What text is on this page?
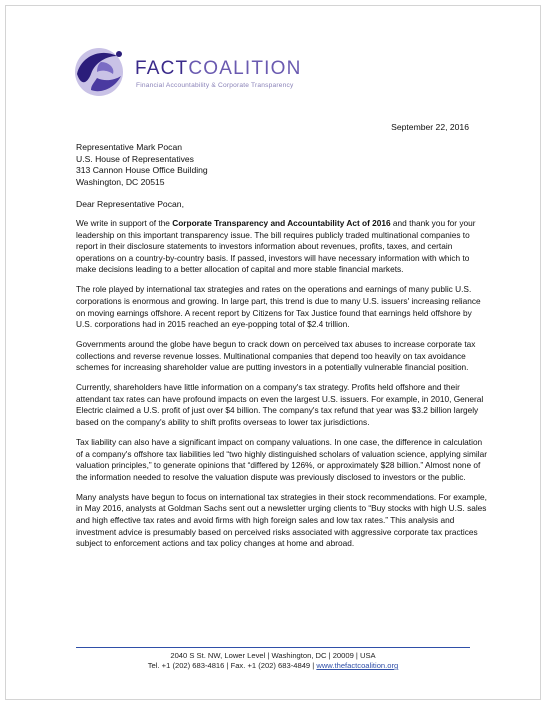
FACTCOALITION
Financial Accountability & Corporate Transparency
September 22, 2016
Representative Mark Pocan
U.S. House of Representatives
313 Cannon House Office Building
Washington, DC 20515
Dear Representative Pocan,

We write in support of the Corporate Transparency and Accountability Act of 2016 and thank you for your leadership on this important transparency issue. The bill requires publicly traded multinational companies to report in their disclosure statements to investors information about revenues, profits, taxes, and certain operations on a country-by-country basis. If passed, investors will have necessary information with which to make decisions leading to a better allocation of capital and more stable financial markets.

The role played by international tax strategies and rates on the operations and earnings of many public U.S. corporations is enormous and growing. In large part, this trend is due to many U.S. issuers' increasing reliance on moving earnings offshore. A recent report by Citizens for Tax Justice found that earnings held offshore by U.S. corporations had in 2015 reached an eye-popping total of $2.4 trillion.

Governments around the globe have begun to crack down on perceived tax abuses to increase corporate tax collections and reverse revenue losses. Multinational companies that depend too heavily on tax avoidance schemes for increasing shareholder value are putting investors in a potentially vulnerable financial position.

Currently, shareholders have little information on a company's tax strategy. Profits held offshore and their attendant tax rates can have profound impacts on even the largest U.S. issuers. For example, in 2010, General Electric claimed a U.S. profit of just over $4 billion. The company's tax refund that year was $3.2 billion largely based on the company's ability to shift profits overseas to lower tax jurisdictions.

Tax liability can also have a significant impact on company valuations. In one case, the difference in calculation of a company's offshore tax liabilities led “two highly distinguished scholars of valuation science, applying similar valuation principles,” to generate opinions that “differed by 126%, or approximately $28 billion.” Almost none of the information needed to resolve the valuation dispute was previously disclosed to investors or the public.

Many analysts have begun to focus on international tax strategies in their stock recommendations. For example, in May 2016, analysts at Goldman Sachs sent out a newsletter urging clients to “Buy stocks with high U.S. sales and high effective tax rates and avoid firms with high foreign sales and low tax rates.” This analysis and investment advice is presumably based on perceived risks associated with aggressive corporate tax practices subject to enforcement actions and tax policy changes at home and abroad.

2040 S St. NW, Lower Level | Washington, DC | 20009 | USA
Tel. +1 (202) 683-4816 | Fax. +1 (202) 683-4849 | www.thefactcoalition.org
